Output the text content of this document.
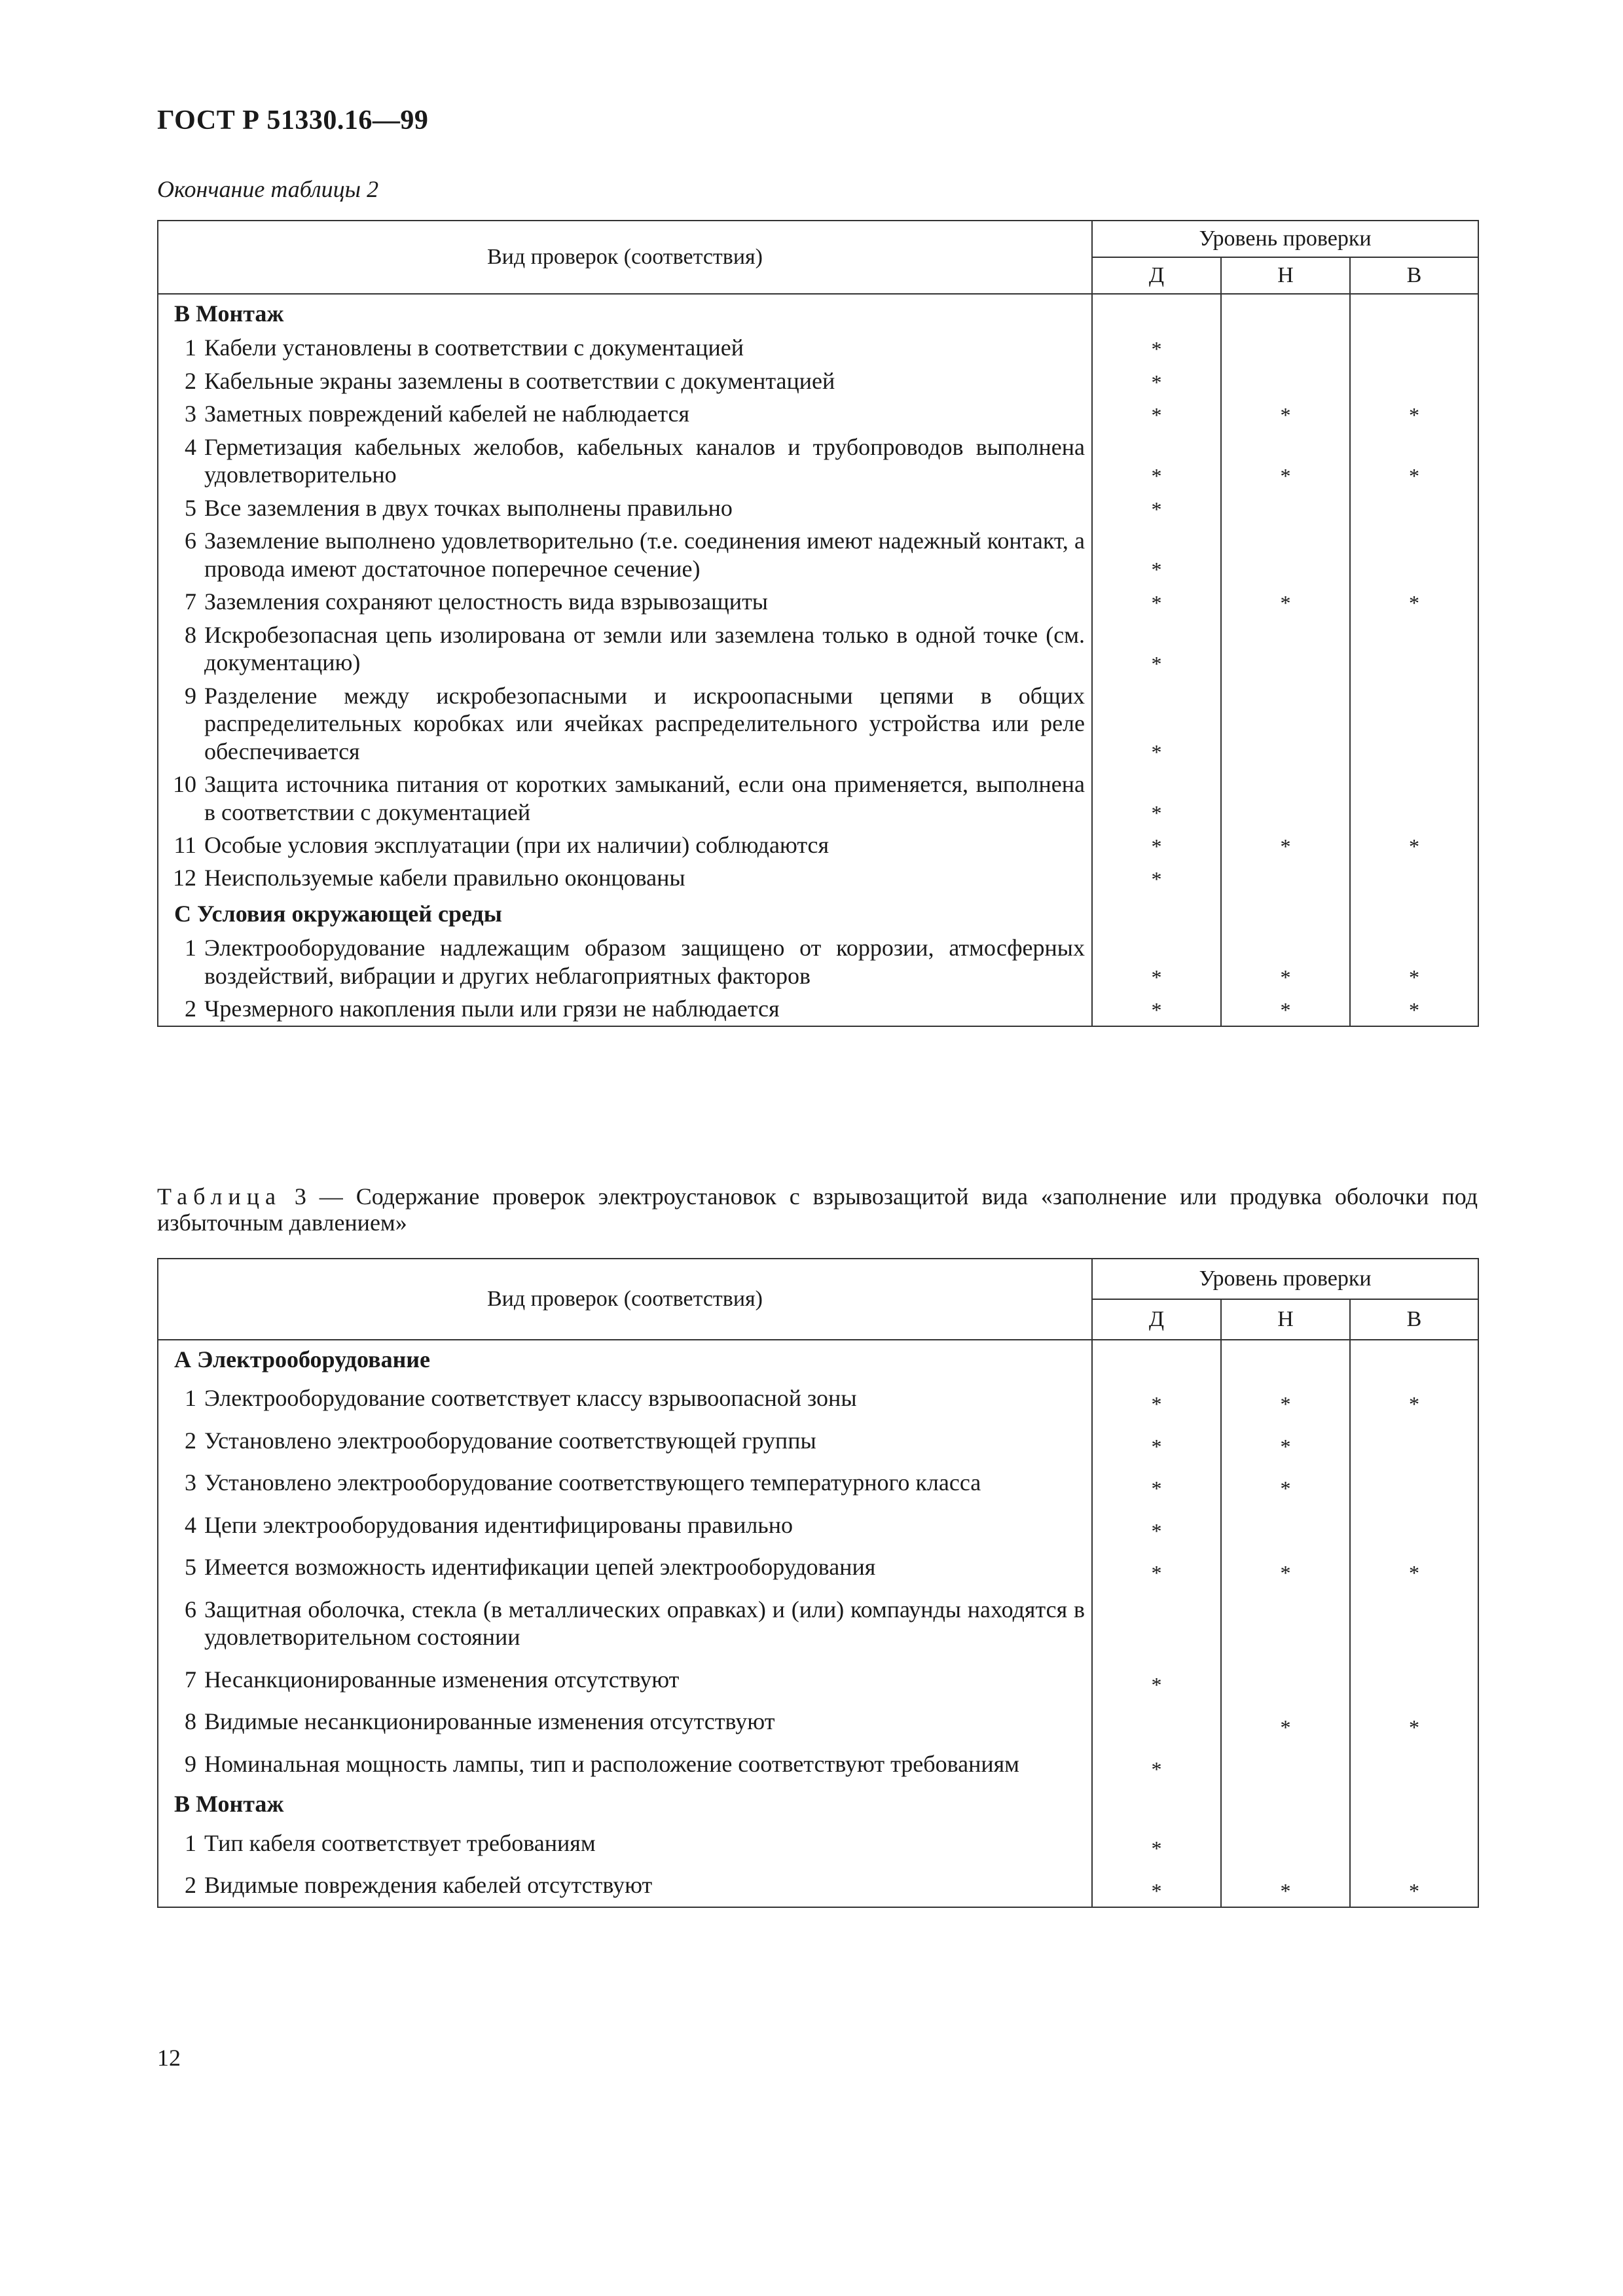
ГОСТ Р 51330.16—99
Окончание таблицы 2
Вид проверок (соответствия)	Уровень проверки		
	Д	Н	В

В Монтаж			

1 Кабели установлены в соответствии с документацией	*		

2 Кабельные экраны заземлены в соответствии с документацией	*		

3 Заметных повреждений кабелей не наблюдается	*	*	*

4 Герметизация кабельных желобов, кабельных каналов и трубопроводов выполнена удовлетворительно	*	*	*

5 Все заземления в двух точках выполнены правильно	*		

6 Заземление выполнено удовлетворительно (т.е. соединения имеют надежный контакт, а провода имеют достаточное поперечное сечение)	*		

7 Заземления сохраняют целостность вида взрывозащиты	*	*	*

8 Искробезопасная цепь изолирована от земли или заземлена только в одной точке (см. документацию)	*		

9 Разделение между искробезопасными и искроопасными цепями в общих распределительных коробках или ячейках распределительного устройства или реле обеспечивается	*		

10 Защита источника питания от коротких замыканий, если она применяется, выполнена в соответствии с документацией	*		

11 Особые условия эксплуатации (при их наличии) соблюдаются	*	*	*

12 Неиспользуемые кабели правильно оконцованы	*		

С Условия окружающей среды			

1 Электрооборудование надлежащим образом защищено от коррозии, атмосферных воздействий, вибрации и других неблагоприятных факторов	*	*	*

2 Чрезмерного накопления пыли или грязи не наблюдается	*	*	*
Таблица 3 — Содержание проверок электроустановок с взрывозащитой вида «заполнение или продувка оболочки под избыточным давлением»
Вид проверок (соответствия)	Уровень проверки		
	Д	Н	В

А Электрооборудование			

1 Электрооборудование соответствует классу взрывоопасной зоны	*	*	*

2 Установлено электрооборудование соответствующей группы	*	*	

3 Установлено электрооборудование соответствующего температурного класса	*	*	

4 Цепи электрооборудования идентифицированы правильно	*		

5 Имеется возможность идентификации цепей электрооборудования	*	*	*

6 Защитная оболочка, стекла (в металлических оправках) и (или) компаунды находятся в удовлетворительном состоянии			

7 Несанкционированные изменения отсутствуют	*		

8 Видимые несанкционированные изменения отсутствуют		*	*

9 Номинальная мощность лампы, тип и расположение соответствуют требованиям	*		

В Монтаж			

1 Тип кабеля соответствует требованиям	*		

2 Видимые повреждения кабелей отсутствуют	*	*	*
12
